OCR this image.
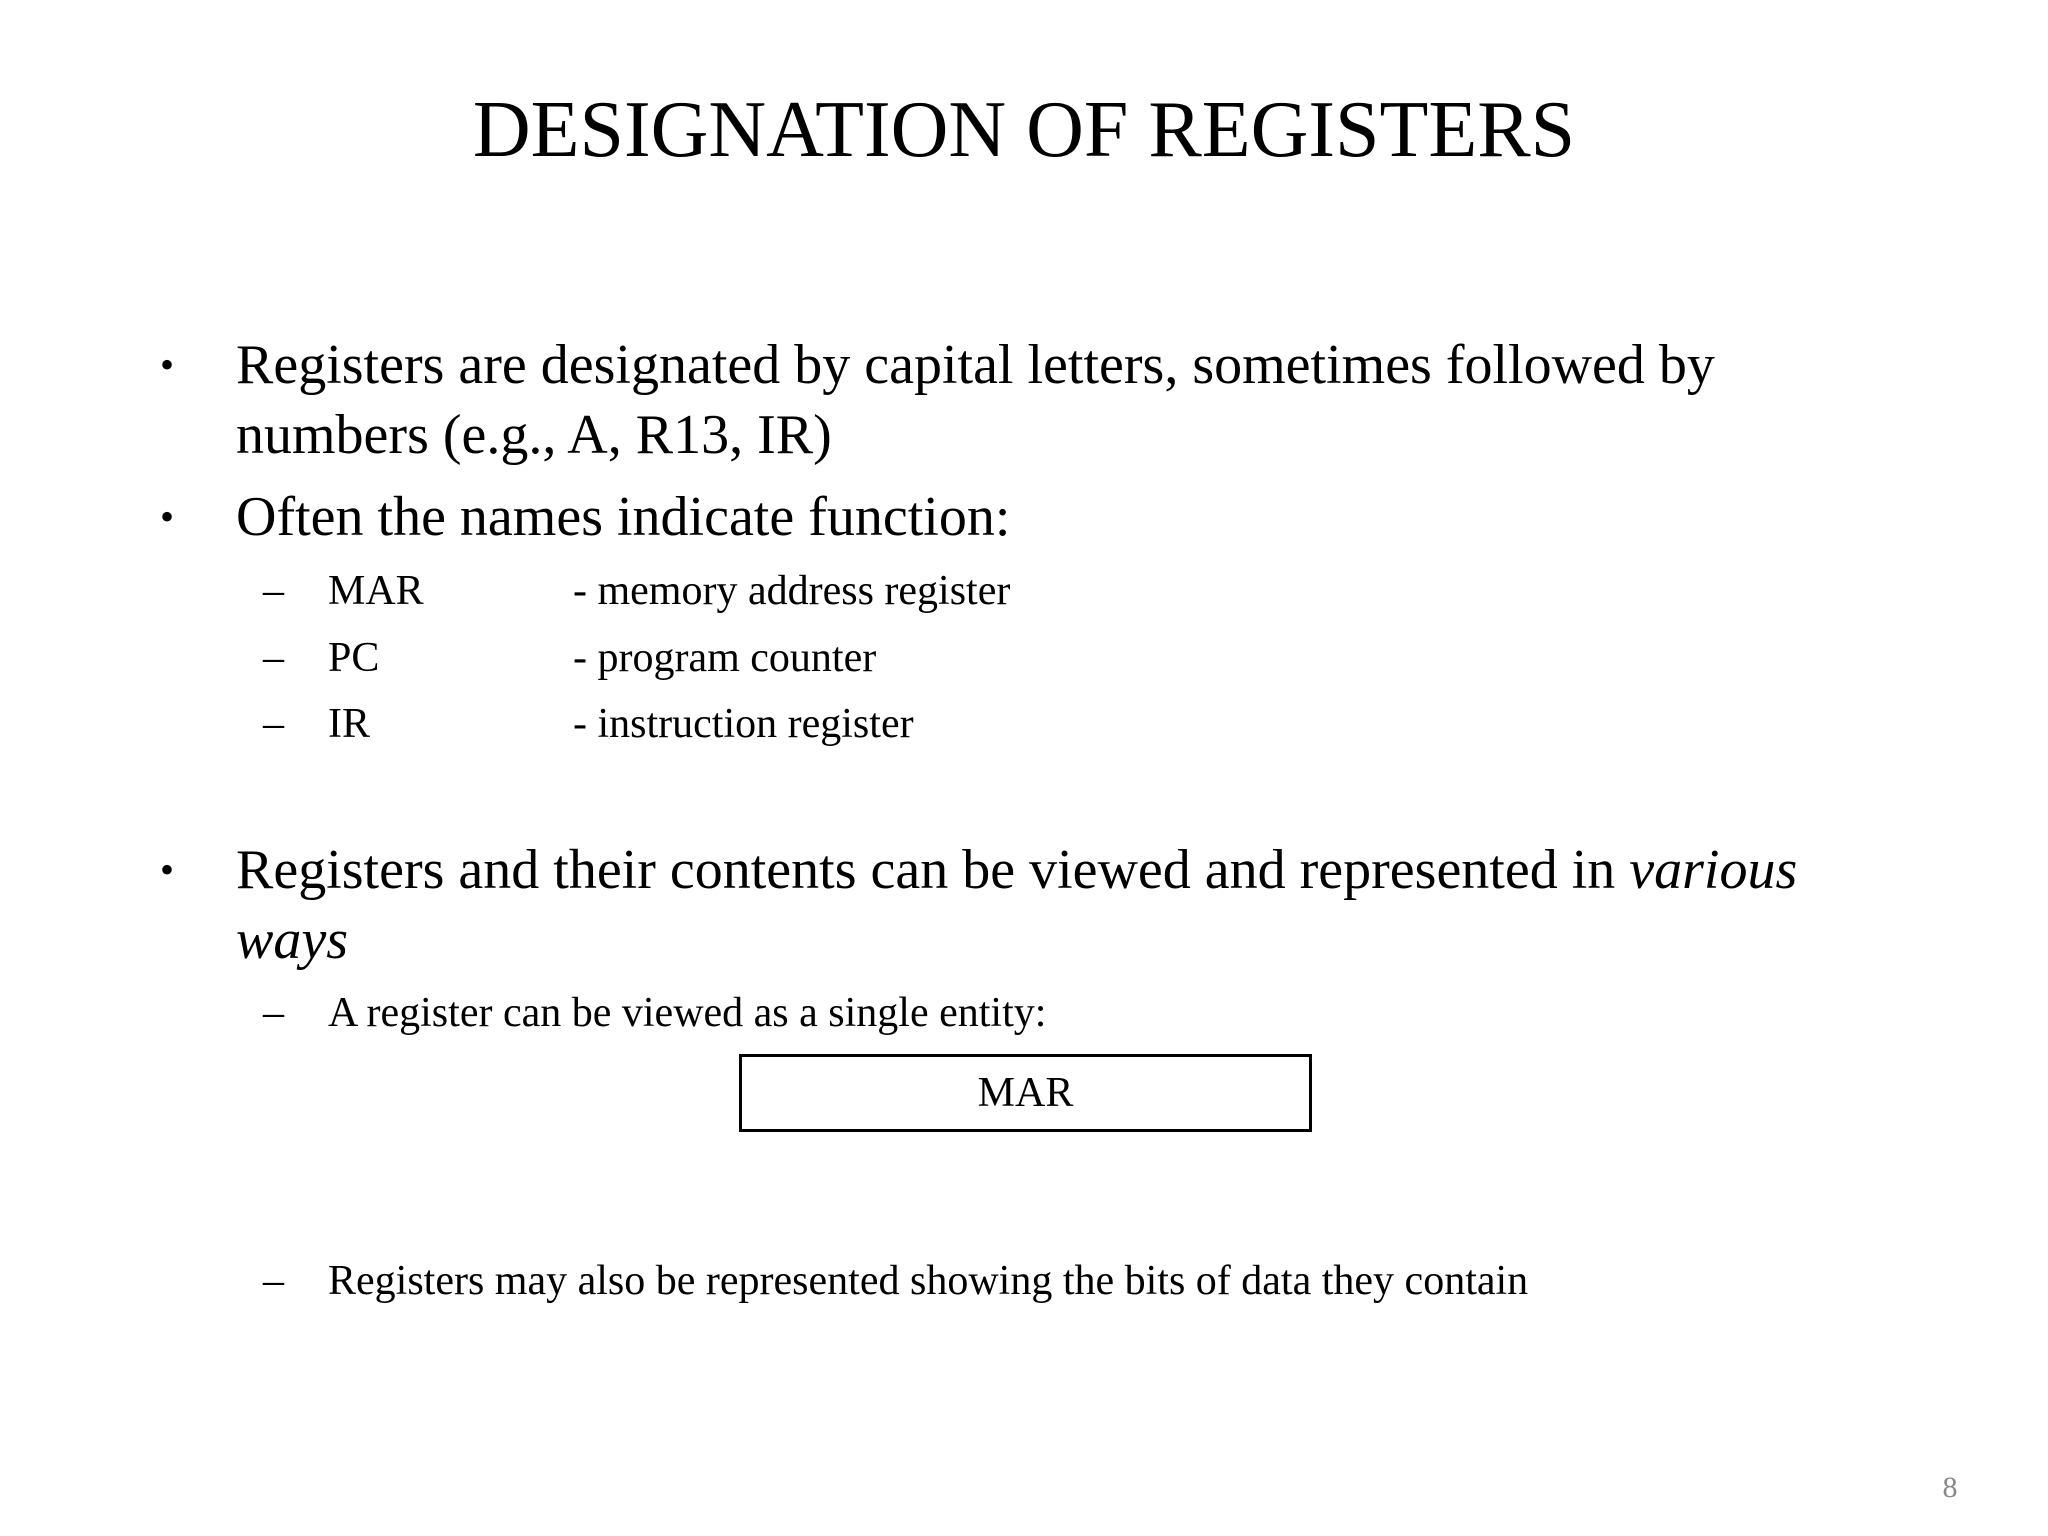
DESIGNATION OF REGISTERS
• Registers are designated by capital letters, sometimes followed by numbers (e.g., A, R13, IR)
• Often the names indicate function:
– MAR	- memory address register
– PC	- program counter
– IR	- instruction register
• Registers and their contents can be viewed and represented in various ways
– A register can be viewed as a single entity:
MAR
– Registers may also be represented showing the bits of data they contain
8
